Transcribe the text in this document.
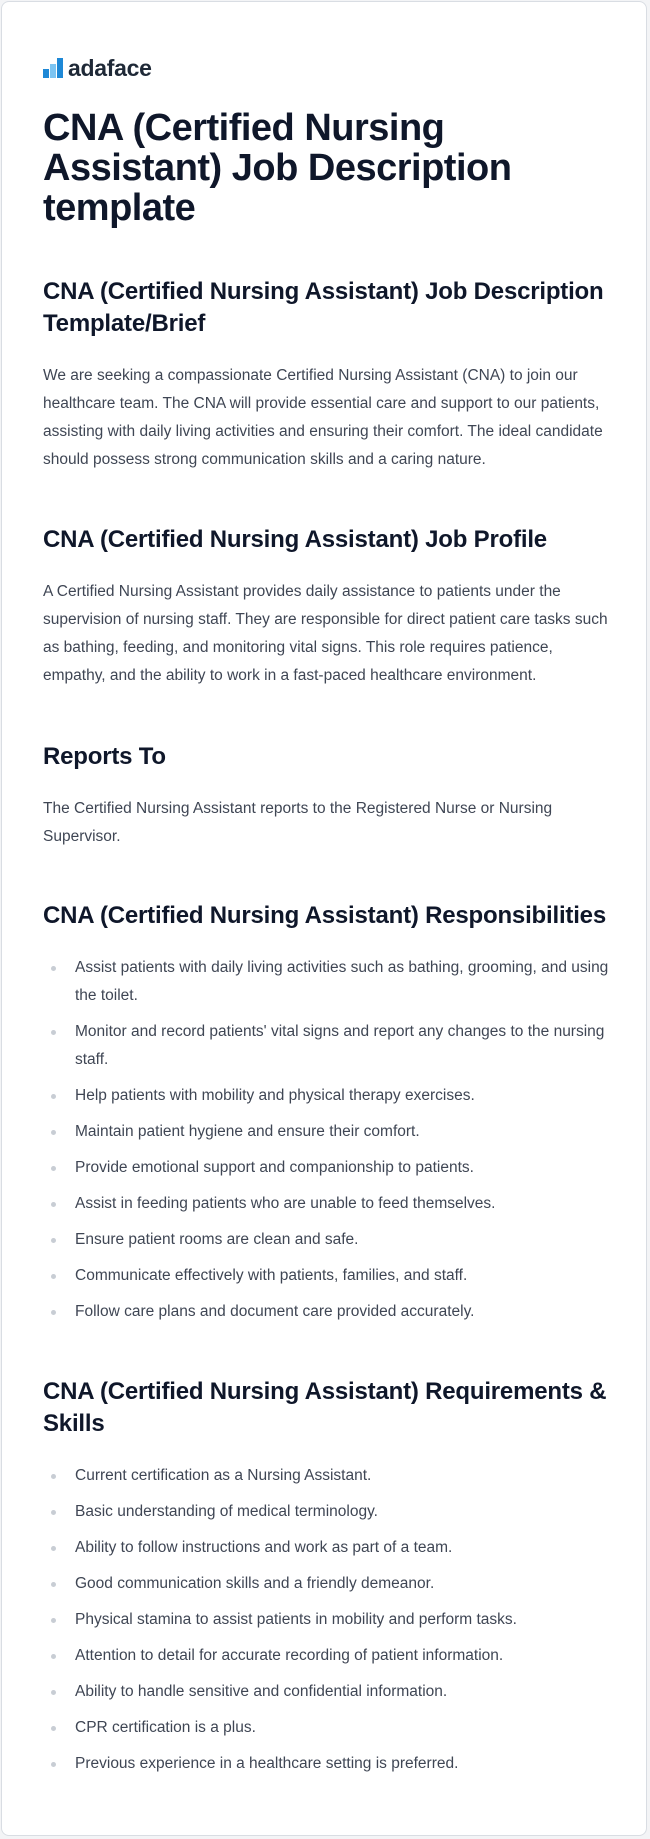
adaface
CNA (Certified Nursing Assistant) Job Description template
CNA (Certified Nursing Assistant) Job Description Template/Brief

We are seeking a compassionate Certified Nursing Assistant (CNA) to join our healthcare team. The CNA will provide essential care and support to our patients, assisting with daily living activities and ensuring their comfort. The ideal candidate should possess strong communication skills and a caring nature.

CNA (Certified Nursing Assistant) Job Profile

A Certified Nursing Assistant provides daily assistance to patients under the supervision of nursing staff. They are responsible for direct patient care tasks such as bathing, feeding, and monitoring vital signs. This role requires patience, empathy, and the ability to work in a fast-paced healthcare environment.

Reports To

The Certified Nursing Assistant reports to the Registered Nurse or Nursing Supervisor.

CNA (Certified Nursing Assistant) Responsibilities
Assist patients with daily living activities such as bathing, grooming, and using the toilet.
Monitor and record patients' vital signs and report any changes to the nursing staff.
Help patients with mobility and physical therapy exercises.
Maintain patient hygiene and ensure their comfort.
Provide emotional support and companionship to patients.
Assist in feeding patients who are unable to feed themselves.
Ensure patient rooms are clean and safe.
Communicate effectively with patients, families, and staff.
Follow care plans and document care provided accurately.
CNA (Certified Nursing Assistant) Requirements & Skills
Current certification as a Nursing Assistant.
Basic understanding of medical terminology.
Ability to follow instructions and work as part of a team.
Good communication skills and a friendly demeanor.
Physical stamina to assist patients in mobility and perform tasks.
Attention to detail for accurate recording of patient information.
Ability to handle sensitive and confidential information.
CPR certification is a plus.
Previous experience in a healthcare setting is preferred.
